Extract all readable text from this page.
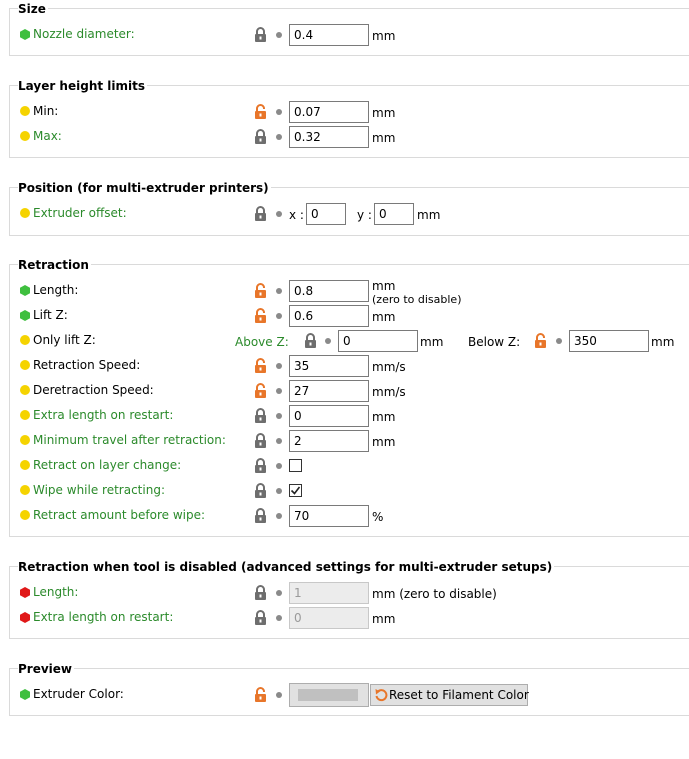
Size
Nozzle diameter:	0.4	mm
Layer height limits
Min:	0.07	mm
Max:	0.32	mm
Position (for multi-extruder printers)
Extruder offset:	x : 0	y : 0	mm
Retraction
Length:	0.8	mm
(zero to disable)
Lift Z:	0.6	mm
Only lift Z:	Above Z:	0	mm Below Z:	350	mm
Retraction Speed:	35	mm/s
Deretraction Speed:	27	mm/s
Extra length on restart:	0	mm
Minimum travel after retraction:	2	mm
Retract on layer change:
Wipe while retracting:
Retract amount before wipe:	70	%
Retraction when tool is disabled (advanced settings for multi-extruder setups)
Length:	1	mm (zero to disable)
Extra length on restart:	0	mm
Preview
Extruder Color:	Reset to Filament Color
